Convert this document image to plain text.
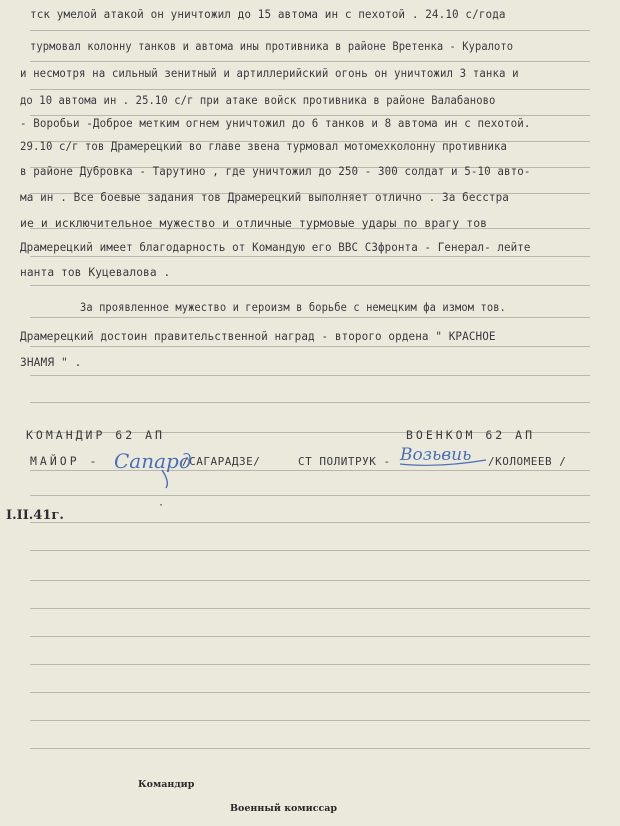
тск умелой атакой он уничтожил до 15 автома ин с пехотой . 24.10 с/года
турмовал колонну танков и автома ины противника в районе Вретенка - Куралото
и несмотря на сильный зенитный и артиллерийский огонь он уничтожил 3 танка и
до 10 автома ин . 25.10 с/г при атаке войск противника в районе Валабаново
- Воробьи -Доброе метким огнем уничтожил до 6 танков и 8 автома ин с пехотой.
29.10 с/г тов Драмерецкий во главе звена турмовал мотомехколонну противника
в районе Дубровка - Тарутино , где уничтожил до 250 - 300 солдат и 5-10 авто-
ма ин . Все боевые задания тов Драмерецкий выполняет отлично . За бесстра
ие и исключительное мужество и отличные турмовые удары по врагу тов
Драмерецкий имеет благодарность от Командую его ВВС СЗфронта - Генерал- лейте
нанта тов Куцевалова .
За проявленное мужество и героизм в борьбе с немецким фа измом тов.
Драмерецкий достоин правительственной наград - второго ордена " КРАСНОЕ
ЗНАМЯ " .
КОМАНДИР 62 АП
МАЙОР -	/САГАРАДЗЕ/
Сапард
ВОЕНКОМ 62 АП
СТ ПОЛИТРУК -	/КОЛОМЕЕВ /
Возьвиь
I.II.41г.
·
Командир
Военный комиссар
